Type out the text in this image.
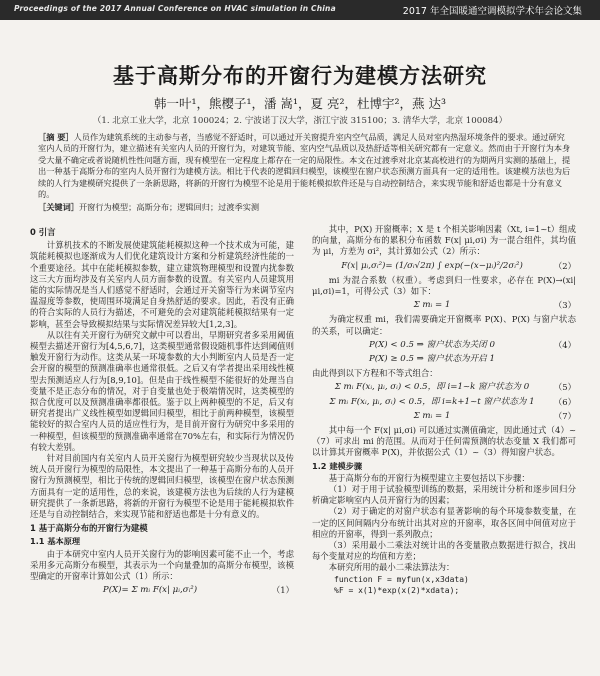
Proceedings of the 2017 Annual Conference on HVAC simulation in China	2017 年全国暖通空调模拟学术年会论文集
基于高斯分布的开窗行为建模方法研究
韩一叶¹，熊樱子¹，潘 嵩¹，夏 亮²，杜博宇²，燕 达³
（1. 北京工业大学，北京 100024；2. 宁波诺丁汉大学，浙江宁波 315100；3. 清华大学，北京 100084）
［摘 要］人员作为建筑系统的主动参与者，当感觉不舒适时，可以通过开关窗提升室内空气品质，满足人员对室内热湿环境条件的要求。通过研究室内人员的开窗行为，建立描述有关室内人员的开窗行为，对建筑节能、室内空气品质以及热舒适等相关研究都有一定意义。然而由于开窗行为本身受大量不确定或者说随机性性问题方面，现有模型在一定程度上都存在一定的局限性。本文在过渡季对北京某高校进行的为期两月实测的基础上，提出一种基于高斯分布的室内人员开窗行为建模方法。相比于代表的逻辑回归模型，该模型在窗户状态预测方面具有一定的适用性。该建模方法也为后续的人行为建模研究提供了一条新思路，将新的开窗行为模型不论是用于能耗模拟软件还是与自动控制结合，来实现节能和舒适也都是十分有意义的。
［关键词］开窗行为模型；高斯分布；逻辑回归；过渡季实测
0 引言

计算机技术的不断发展使建筑能耗模拟这种一个技术成为可能，建筑能耗模拟也逐渐成为人们优化建筑设计方案和分析建筑经济性能的一个重要途径。其中在能耗模拟参数，建立建筑物理模型和设置内扰参数这三大方面均涉及有关室内人员方面参数的设置。有关室内人员建筑用能的实际情况是当人们感觉不舒适时，会通过开关窗等行为来调节室内温湿度等参数，使周围环境满足自身热舒适的要求。因此，若没有正确的符合实际的人员行为描述，不可避免的会对建筑能耗模拟结果有一定影响，甚至会导致模拟结果与实际情况差异较大[1,2,3]。

从以往有关开窗行为研究文献中可以看出，早期研究者多采用阈值模型去描述开窗行为[4,5,6,7]，这类模型通常假设随机事件达到阈值则触发开窗行为动作。这类从某一环境参数的大小判断室内人员是否一定会开窗的模型的预测准确率也通常很低。之后又有学者提出采用线性模型去预测适应人行为[8,9,10]。但是由于线性模型不能很好的处理当自变量不是正态分布的情况，对于自变量也处于极端情况时，这类模型的拟合优度可以及预测准确率都很低。鉴于以上两种模型的不足，后又有研究者提出广义线性模型如逻辑回归模型，相比于前两种模型，该模型能较好的拟合室内人员的适应性行为，是目前开窗行为研究中多采用的一种模型，但该模型的预测准确率通常在70%左右，和实际行为情况仍有较大差别。

针对目前国内有关室内人员开关窗行为模型研究较少当现状以及传统人员开窗行为模型的局限性，本文提出了一种基于高斯分布的人员开窗行为预测模型，相比于传统的逻辑回归模型，该模型在窗户状态预测方面具有一定的适用性，总的来说，该建模方法也为后续的人行为建模研究提供了一条新思路，将新的开窗行为模型不论是用于能耗模拟软件还是与自动控制结合，来实现节能和舒适也都是十分有意义的。

1 基于高斯分布的开窗行为建模
1.1 基本原理

由于本研究中室内人员开关窗行为的影响因素可能不止一个，考虑采用多元高斯分布模型，其表示为一个向量叠加的高斯分布模型，该模型确定的开窗率计算如公式（1）所示：

P(X)= Σ mᵢ F(x| μᵢ,σᵢ²)	（1）

其中，P(X) 开窗概率；X 是 t 个相关影响因素（Xt, i=1~t）组成的向量，高斯分布的累积分布函数 F(x| μi,σi) 为一混合组件，其均值为 μi，方差为 σi²，其计算如公式（2）所示：

F(x| μᵢ,σᵢ²)= (1/σᵢ√2π) ∫ exp(−(x−μᵢ)²/2σᵢ²)	（2）

mi 为混合系数（权重）。考虑到归一性要求，必存在 P(X)→(xi| μi,σi)=1，可得公式（3）如下：

Σ mᵢ = 1	（3）

为确定权重 mi，我们需要确定开窗概率 P(X)、P(X) 与窗户状态的关系，可以确定：

P(X) < 0.5 ⇒ 窗户状态为关闭 0	（4）
P(X) ≥ 0.5 ⇒ 窗户状态为开启 1

由此得到以下方程和不等式组合：

Σ mᵢ F(xᵢ, μᵢ, σᵢ) < 0.5，即 i=1~k 窗户状态为 0	（5）
Σ mᵢ F(xᵢ, μᵢ, σᵢ) < 0.5，即 i=k+1~t 窗户状态为 1	（6）
Σ mᵢ = 1	（7）

其中每一个 F(x| μi,σi) 可以通过实测值确定，因此通过式（4）~（7）可求出 mi 的范围。从而对于任何需预测的状态变量 X 我们都可以计算其开窗概率 P(X)，并依据公式（1）~（3）得知窗户状态。

1.2 建模步骤

基于高斯分布的开窗行为模型建立主要包括以下步骤：

（1）对于用于试验模型训练的数据，采用统计分析和逐步回归分析确定影响室内人员开窗行为的因素；

（2）对于确定的对窗户状态有显著影响的每个环境参数变量，在一定的区间间隔内分布统计出其对应的开窗率，取各区间中间值对应于相应的开窗率，得到一系列散点；

（3）采用最小二乘法对统计出的各变量散点数据进行拟合，找出每个变量对应的均值和方差；

本研究所用的最小二乘法算法为：

function F = myfun(x,x3data)
%F = x(1)*exp(x(2)*xdata);
